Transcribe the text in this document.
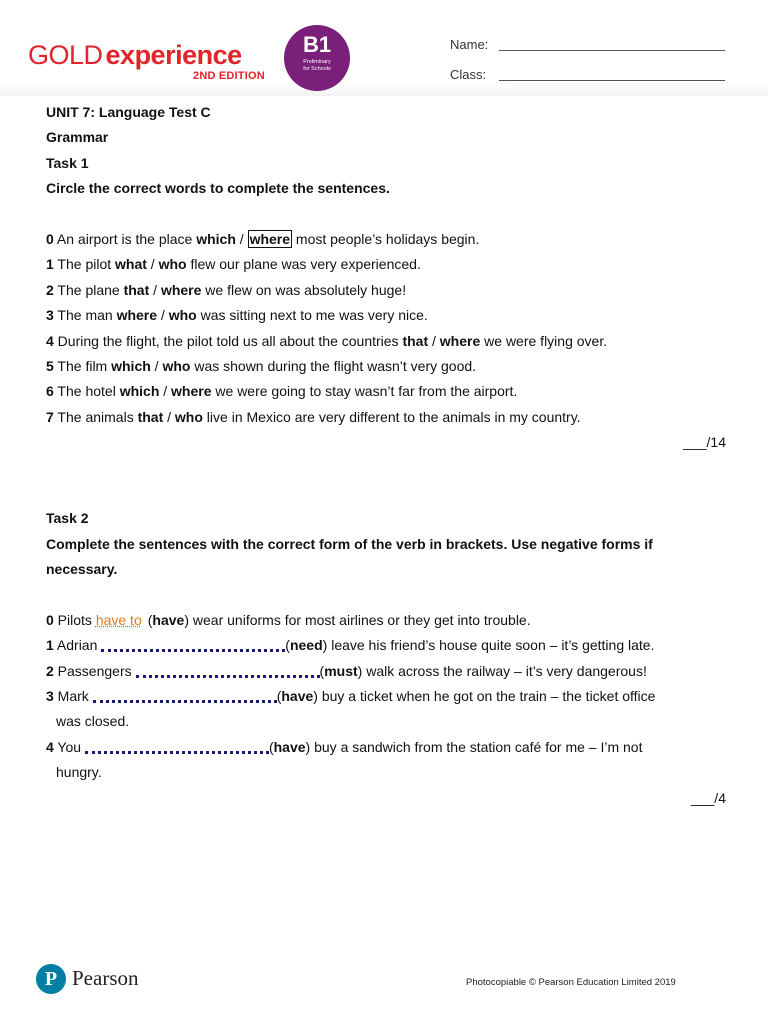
GOLD experience
2ND EDITION
B1
Preliminary
for Schools
Name:
Class:
UNIT 7: Language Test C
Grammar
Task 1
Circle the correct words to complete the sentences.
0 An airport is the place which / where most people’s holidays begin.
1 The pilot what / who flew our plane was very experienced.
2 The plane that / where we flew on was absolutely huge!
3 The man where / who was sitting next to me was very nice.
4 During the flight, the pilot told us all about the countries that / where we were flying over.
5 The film which / who was shown during the flight wasn’t very good.
6 The hotel which / where we were going to stay wasn’t far from the airport.
7 The animals that / who live in Mexico are very different to the animals in my country.
___/14
Task 2
Complete the sentences with the correct form of the verb in brackets. Use negative forms if
necessary.
0 Pilots have to (have) wear uniforms for most airlines or they get into trouble.
1 Adrian	(need) leave his friend’s house quite soon – it’s getting late.
2 Passengers	(must) walk across the railway – it’s very dangerous!
3 Mark	(have) buy a ticket when he got on the train – the ticket office
was closed.
4 You	(have) buy a sandwich from the station café for me – I’m not
hungry.
___/4
P Pearson	Photocopiable © Pearson Education Limited 2019
